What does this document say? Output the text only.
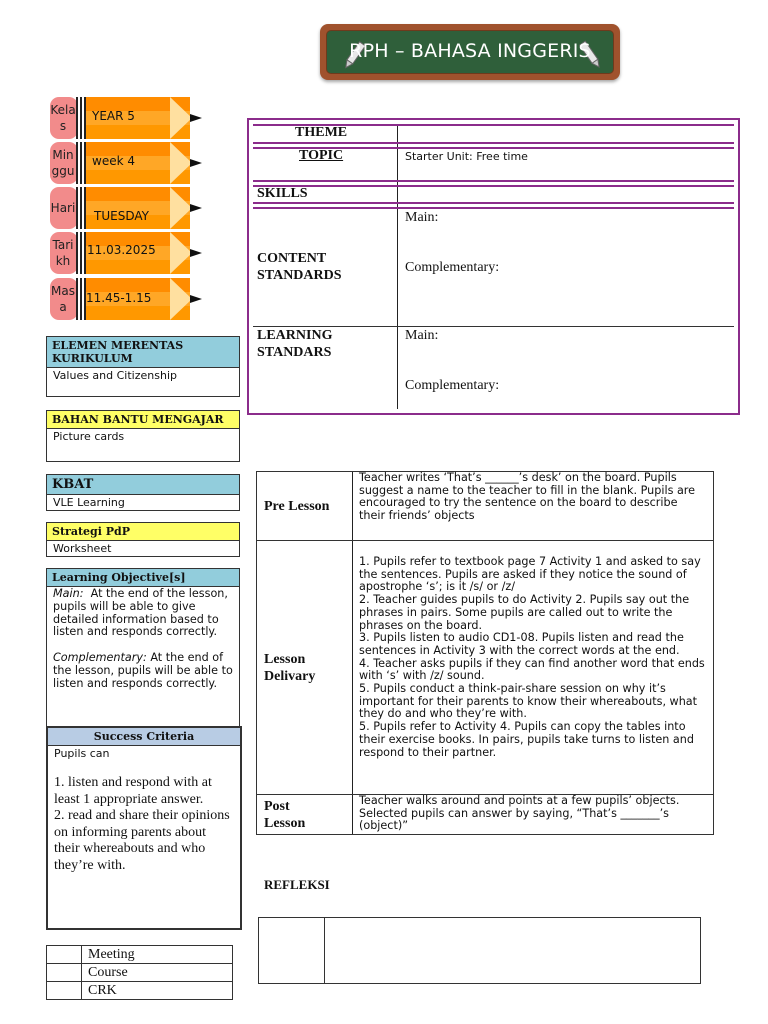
RPH – BAHASA INGGERIS
Kela s
YEAR 5
Min ggu
week 4
Hari
TUESDAY
Tari kh
11.03.2025
Mas a
11.45-1.15
ELEMEN MERENTAS KURIKULUM
Values and Citizenship
BAHAN BANTU MENGAJAR
Picture cards
KBAT
VLE Learning
Strategi PdP
Worksheet
Learning Objective[s]
Main: At the end of the lesson, pupils will be able to give detailed information based to listen and responds correctly.
Complementary: At the end of the lesson, pupils will be able to listen and responds correctly.
Success Criteria
Pupils can
1. listen and respond with at least 1 appropriate answer.
2. read and share their opinions on informing parents about their whereabouts and who they’re with.
THEME
TOPIC	Starter Unit: Free time
SKILLS
CONTENT STANDARDS
Main:
Complementary:
LEARNING STANDARS
Main:
Complementary:
Pre Lesson
Teacher writes ‘That’s ______’s desk’ on the board. Pupils suggest a name to the teacher to fill in the blank. Pupils are encouraged to try the sentence on the board to describe their friends’ objects
Lesson Delivary
1. Pupils refer to textbook page 7 Activity 1 and asked to say the sentences. Pupils are asked if they notice the sound of apostrophe ‘s’; is it /s/ or /z/
2. Teacher guides pupils to do Activity 2. Pupils say out the phrases in pairs. Some pupils are called out to write the phrases on the board.
3. Pupils listen to audio CD1-08. Pupils listen and read the sentences in Activity 3 with the correct words at the end.
4. Teacher asks pupils if they can find another word that ends with ‘s’ with /z/ sound.
5. Pupils conduct a think-pair-share session on why it’s important for their parents to know their whereabouts, what they do and who they’re with.
5. Pupils refer to Activity 4. Pupils can copy the tables into their exercise books. In pairs, pupils take turns to listen and respond to their partner.
Post Lesson
Teacher walks around and points at a few pupils’ objects. Selected pupils can answer by saying, “That’s _______’s (object)”
REFLEKSI
Meeting
Course
CRK
